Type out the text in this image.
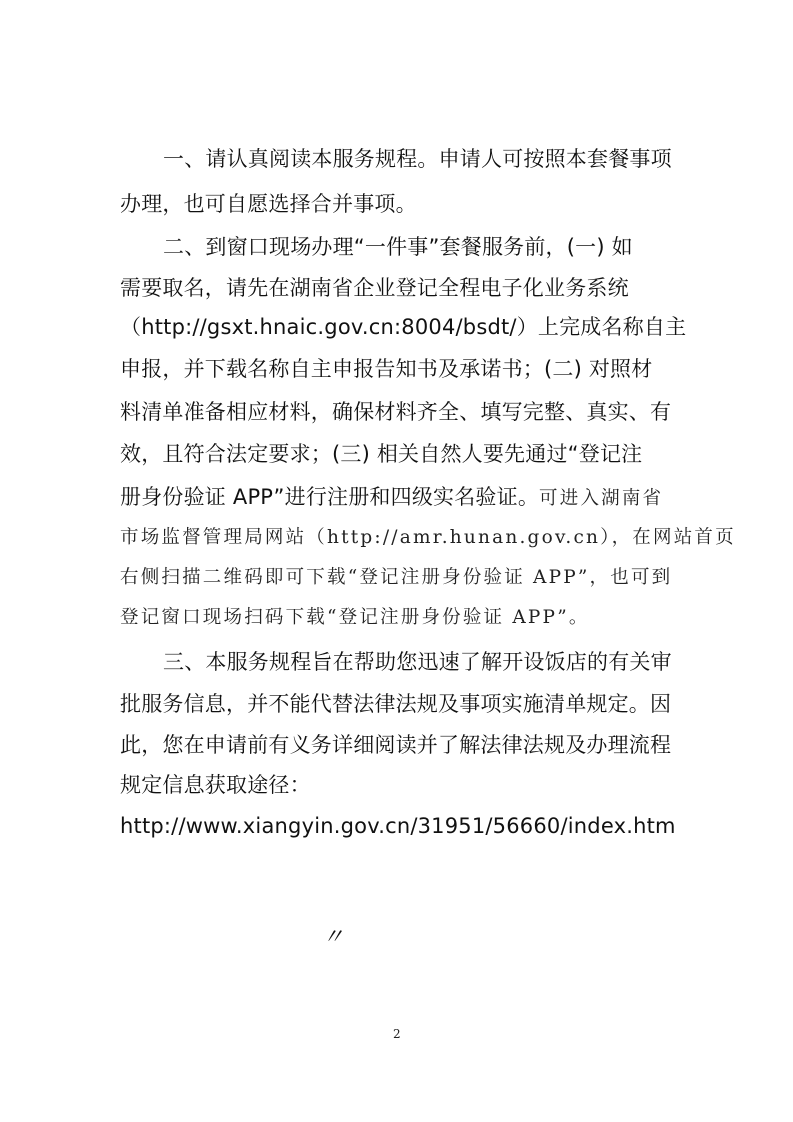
一、请认真阅读本服务规程。申请人可按照本套餐事项
办理，也可自愿选择合并事项。
二、到窗口现场办理“一件事”套餐服务前，(一) 如
需要取名，请先在湖南省企业登记全程电子化业务系统
（http://gsxt.hnaic.gov.cn:8004/bsdt/）上完成名称自主
申报，并下载名称自主申报告知书及承诺书；(二) 对照材
料清单准备相应材料，确保材料齐全、填写完整、真实、有
效，且符合法定要求；(三) 相关自然人要先通过“登记注
册身份验证 APP”进行注册和四级实名验证。可进入湖南省
市场监督管理局网站（http://amr.hunan.gov.cn），在网站首页
右侧扫描二维码即可下载“登记注册身份验证 APP”，也可到
登记窗口现场扫码下载“登记注册身份验证 APP”。
三、本服务规程旨在帮助您迅速了解开设饭店的有关审
批服务信息，并不能代替法律法规及事项实施清单规定。因
此，您在申请前有义务详细阅读并了解法律法规及办理流程
规定信息获取途径：
http://www.xiangyin.gov.cn/31951/56660/index.htm
〃
2
